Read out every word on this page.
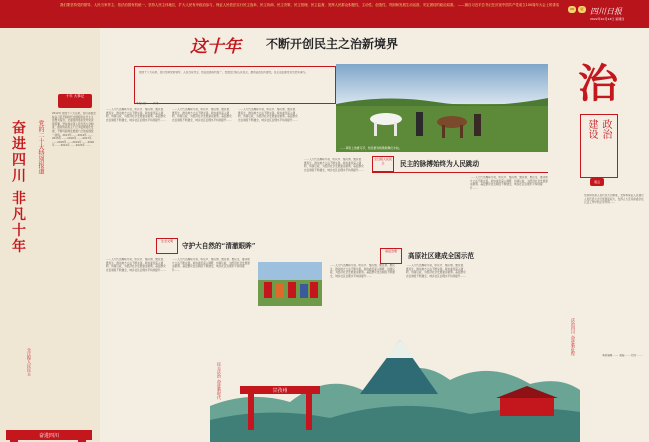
我们要坚持党的领导、人民当家作主、依法治国有机统一，坚持人民主体地位，扩大人民有序政治参与，保证人民依法实行民主选举、民主协商、民主决策、民主管理、民主监督，发挥人民群众积极性、主动性、创造性，巩固和发展生动活泼、安定团结的政治局面。 ——摘自习近平总书记在庆祝中国共产党成立100周年大会上的讲话
08	版 四川日报
2022年10月13日 星期四
十年 大事记
奋进四川 非凡十年	党的二十大特别报道
2012年 党的十八大以来，四川省委坚持以习近平新时代中国特色社会主义思想为指导，全面贯彻落实党中央决策部署，坚持和完善人民代表大会制度，推进协商民主广泛多层制度化发展，不断巩固和发展最广泛的爱国统一战线。2013年 ……2014年 ……2015年 ……2016年 ……2017年 ……2018年 ……2019年 ……2020年 ……2021年 ……2022年 ……
全过程人民民主
奋进四川
这十年 不断开创民主之治新境界
党的十八大以来，四川坚持党的领导、人民当家作主、依法治国有机统一，发展全过程人民民主，推进法治四川建设，民主法治建设迈出坚实步伐。
……草原上的赛马节，牧民群众载歌载舞庆丰收。
本报记者 …… 执笔
……人大代表履职尽责，听民声、察民情、聚民智、惠民生，推动地方立法不断完善。政协委员深入调研，协商议政，为经济社会发展建言献策。基层群众自治制度不断健全，城乡社区治理水平持续提升……
……人大代表履职尽责，听民声、察民情、聚民智、惠民生，推动地方立法不断完善。政协委员深入调研，协商议政，为经济社会发展建言献策。基层群众自治制度不断健全，城乡社区治理水平持续提升……
……人大代表履职尽责，听民声、察民情、聚民智、惠民生，推动地方立法不断完善。政协委员深入调研，协商议政，为经济社会发展建言献策。基层群众自治制度不断健全，城乡社区治理水平持续提升……
……人大代表履职尽责，听民声、察民情、聚民智、惠民生，推动地方立法不断完善。政协委员深入调研，协商议政，为经济社会发展建言献策。基层群众自治制度不断健全，城乡社区治理水平持续提升……
……人大代表履职尽责，听民声、察民情、聚民智、惠民生，推动地方立法不断完善。政协委员深入调研，协商议政，为经济社会发展建言献策。基层群众自治制度不断健全，城乡社区治理水平持续提升……
……人大代表履职尽责，听民声、察民情、聚民智、惠民生，推动地方立法不断完善。政协委员深入调研，协商议政，为经济社会发展建言献策。基层群众自治制度不断健全，城乡社区治理水平持续提升……
……人大代表履职尽责，听民声、察民情、聚民智、惠民生，推动地方立法不断完善。政协委员深入调研，协商议政，为经济社会发展建言献策。基层群众自治制度不断健全，城乡社区治理水平持续提升……
……人大代表履职尽责，听民声、察民情、聚民智、惠民生，推动地方立法不断完善。政协委员深入调研，协商议政，为经济社会发展建言献策。基层群众自治制度不断健全，城乡社区治理水平持续提升……
……人大代表履职尽责，听民声、察民情、聚民智、惠民生，推动地方立法不断完善。政协委员深入调研，协商议政，为经济社会发展建言献策。基层群众自治制度不断健全，城乡社区治理水平持续提升……
全过程人民民主	民主的脉搏始终为人民跳动
基层治理
高原社区建成全国示范
生态文明
守护大自然的“清澈眼眸”
甘孜州
民主法治 奋进新时代
治
政治
建设
观点
坚持和完善人民代表大会制度，支持和保证人民通过人民代表大会行使国家权力，发挥人大及其常委会在立法工作中的主导作用……
法治四川 奋进新征程
本版编辑 …… 美编 …… 校对 ……
